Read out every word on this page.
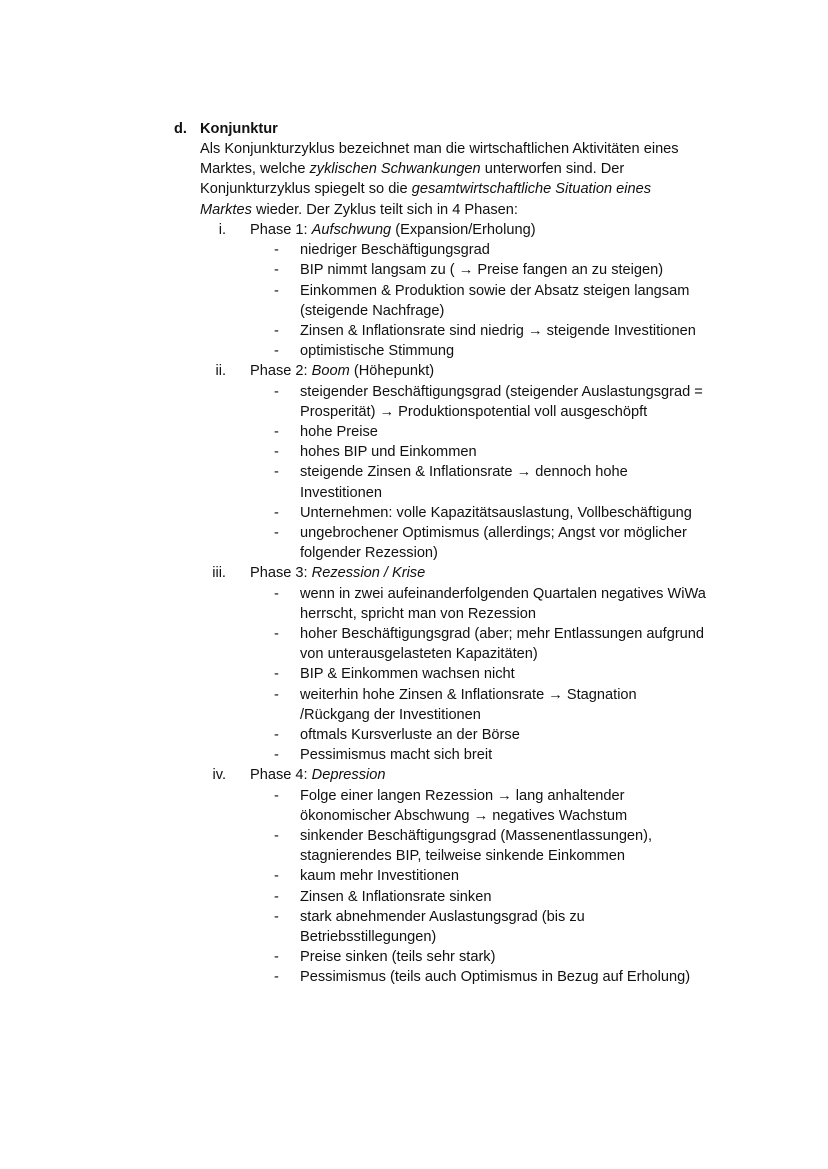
d. Konjunktur
Als Konjunkturzyklus bezeichnet man die wirtschaftlichen Aktivitäten eines
Marktes, welche zyklischen Schwankungen unterworfen sind. Der
Konjunkturzyklus spiegelt so die gesamtwirtschaftliche Situation eines
Marktes wieder. Der Zyklus teilt sich in 4 Phasen:
i. Phase 1: Aufschwung (Expansion/Erholung)
- niedriger Beschäftigungsgrad
- BIP nimmt langsam zu ( → Preise fangen an zu steigen)
- Einkommen & Produktion sowie der Absatz steigen langsam
(steigende Nachfrage)
- Zinsen & Inflationsrate sind niedrig → steigende Investitionen
- optimistische Stimmung
ii. Phase 2: Boom (Höhepunkt)
- steigender Beschäftigungsgrad (steigender Auslastungsgrad =
Prosperität) → Produktionspotential voll ausgeschöpft
- hohe Preise
- hohes BIP und Einkommen
- steigende Zinsen & Inflationsrate → dennoch hohe
Investitionen
- Unternehmen: volle Kapazitätsauslastung, Vollbeschäftigung
- ungebrochener Optimismus (allerdings; Angst vor möglicher
folgender Rezession)
iii. Phase 3: Rezession / Krise
- wenn in zwei aufeinanderfolgenden Quartalen negatives WiWa
herrscht, spricht man von Rezession
- hoher Beschäftigungsgrad (aber; mehr Entlassungen aufgrund
von unterausgelasteten Kapazitäten)
- BIP & Einkommen wachsen nicht
- weiterhin hohe Zinsen & Inflationsrate → Stagnation
/Rückgang der Investitionen
- oftmals Kursverluste an der Börse
- Pessimismus macht sich breit
iv. Phase 4: Depression
- Folge einer langen Rezession → lang anhaltender
ökonomischer Abschwung → negatives Wachstum
- sinkender Beschäftigungsgrad (Massenentlassungen),
stagnierendes BIP, teilweise sinkende Einkommen
- kaum mehr Investitionen
- Zinsen & Inflationsrate sinken
- stark abnehmender Auslastungsgrad (bis zu
Betriebsstillegungen)
- Preise sinken (teils sehr stark)
- Pessimismus (teils auch Optimismus in Bezug auf Erholung)
